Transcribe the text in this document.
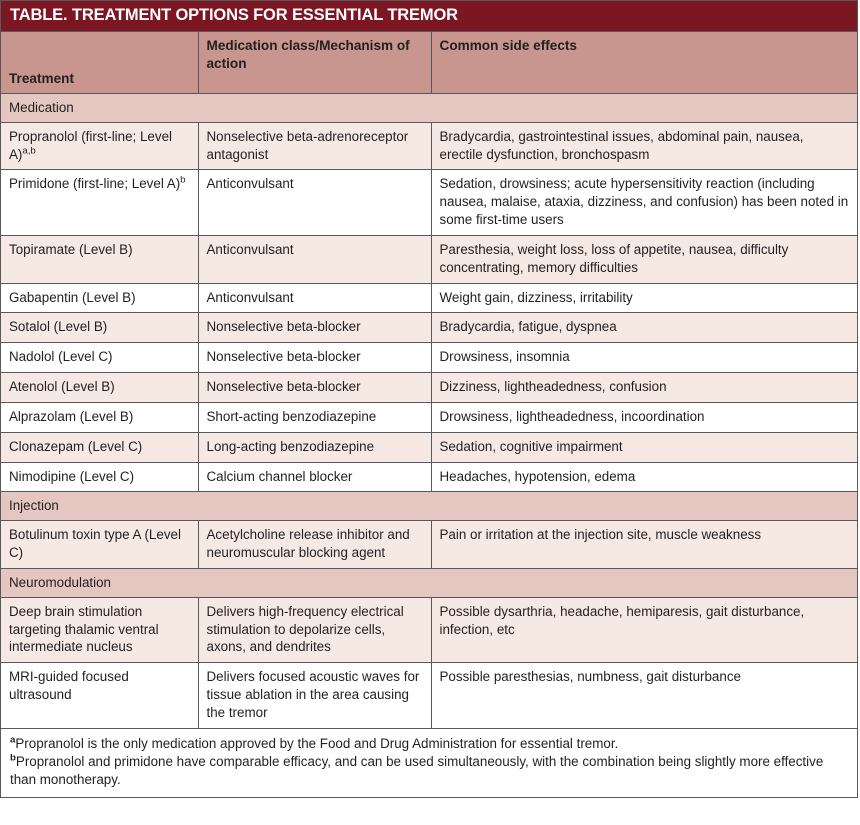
TABLE. TREATMENT OPTIONS FOR ESSENTIAL TREMOR
Treatment	Medication class/Mechanism of action	Common side effects
Medication		
Propranolol (first-line; Level A)$^{a,b}$	Nonselective beta-adrenoreceptor antagonist	Bradycardia, gastrointestinal issues, abdominal pain, nausea, erectile dysfunction, bronchospasm
Primidone (first-line; Level A)$^b$	Anticonvulsant	Sedation, drowsiness; acute hypersensitivity reaction (including nausea, malaise, ataxia, dizziness, and confusion) has been noted in some first-time users
Topiramate (Level B)	Anticonvulsant	Paresthesia, weight loss, loss of appetite, nausea, difficulty concentrating, memory difficulties
Gabapentin (Level B)	Anticonvulsant	Weight gain, dizziness, irritability
Sotalol (Level B)	Nonselective beta-blocker	Bradycardia, fatigue, dyspnea
Nadolol (Level C)	Nonselective beta-blocker	Drowsiness, insomnia
Atenolol (Level B)	Nonselective beta-blocker	Dizziness, lightheadedness, confusion
Alprazolam (Level B)	Short-acting benzodiazepine	Drowsiness, lightheadedness, incoordination
Clonazepam (Level C)	Long-acting benzodiazepine	Sedation, cognitive impairment
Nimodipine (Level C)	Calcium channel blocker	Headaches, hypotension, edema
Injection		
Botulinum toxin type A (Level C)	Acetylcholine release inhibitor and neuromuscular blocking agent	Pain or irritation at the injection site, muscle weakness
Neuromodulation		
Deep brain stimulation targeting thalamic ventral intermediate nucleus	Delivers high-frequency electrical stimulation to depolarize cells, axons, and dendrites	Possible dysarthria, headache, hemiparesis, gait disturbance, infection, etc
MRI-guided focused ultrasound	Delivers focused acoustic waves for tissue ablation in the area causing the tremor	Possible paresthesias, numbness, gait disturbance

$^a$Propranolol is the only medication approved by the Food and Drug Administration for essential tremor.

$^b$Propranolol and primidone have comparable efficacy, and can be used simultaneously, with the combination being slightly more effective than monotherapy.
